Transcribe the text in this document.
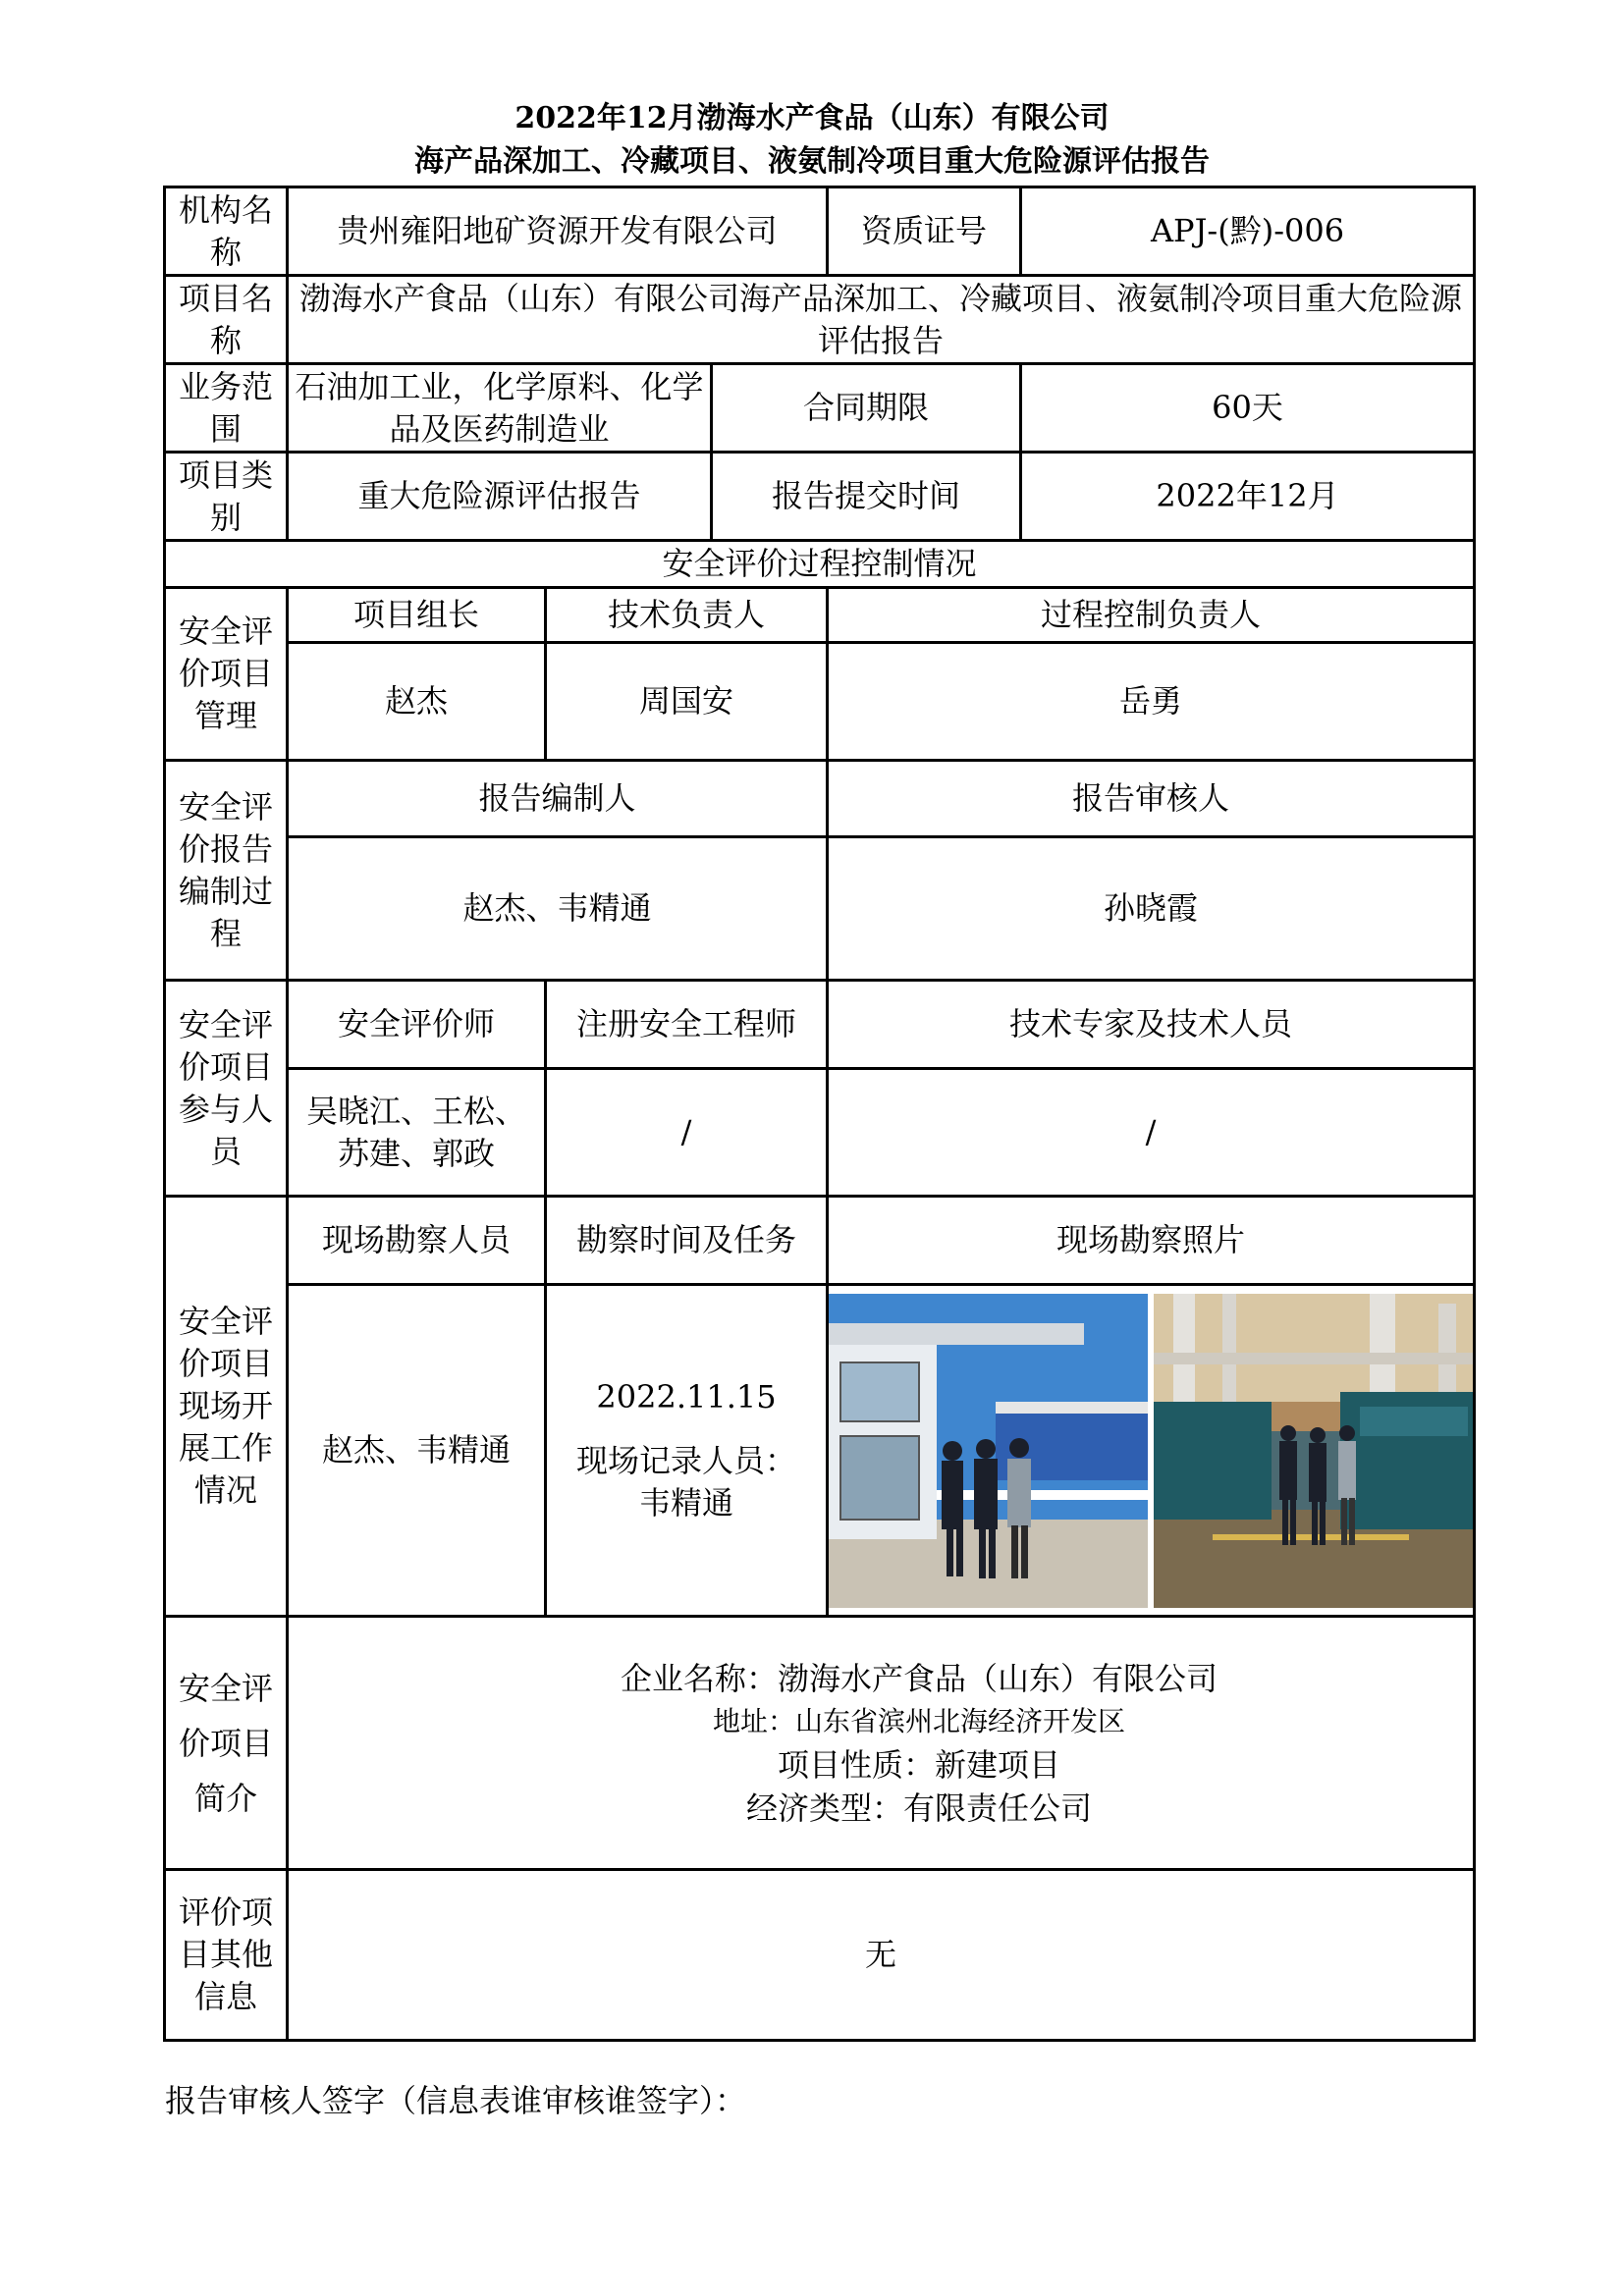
2022年12月渤海水产食品（山东）有限公司
海产品深加工、冷藏项目、液氨制冷项目重大危险源评估报告
机构名称	贵州雍阳地矿资源开发有限公司			资质证号	APJ-(黔)-006
项目名称	渤海水产食品（山东）有限公司海产品深加工、冷藏项目、液氨制冷项目重大危险源评估报告				
业务范围	石油加工业，化学原料、化学品及医药制造业		合同期限		60天
项目类别	重大危险源评估报告		报告提交时间		2022年12月
安全评价过程控制情况					
安全评价项目管理	项目组长	技术负责人		过程控制负责人	
	赵杰	周国安		岳勇	
安全评价报告编制过程	报告编制人			报告审核人	
	赵杰、韦精通			孙晓霞	
安全评价项目参与人员	安全评价师	注册安全工程师		技术专家及技术人员	
	吴晓江、王松、苏建、郭政	/		/	
安全评价项目现场开展工作情况	现场勘察人员	勘察时间及任务		现场勘察照片	
	赵杰、韦精通	2022.11.15
现场记录人员：
韦精通

安全评价项目简介	企业名称：渤海水产食品（山东）有限公司
地址：山东省滨州北海经济开发区
项目性质：新建项目
经济类型：有限责任公司				

评价项目其他信息	无				
报告审核人签字（信息表谁审核谁签字）：
